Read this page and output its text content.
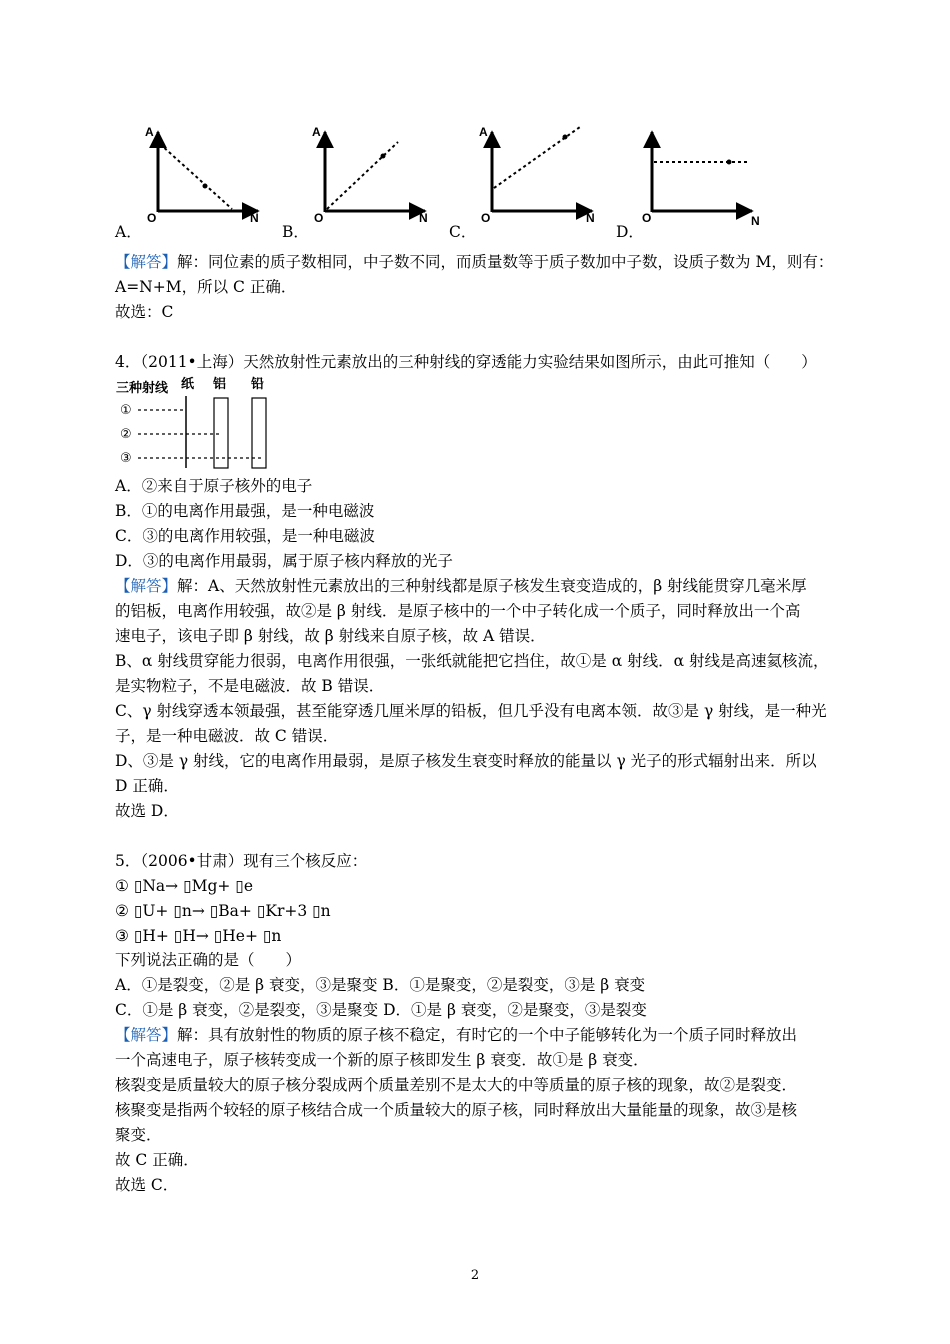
A
O	N
A
O	N
A
O	N	O	N
A．	B．	C．	D．
【解答】解：同位素的质子数相同，中子数不同，而质量数等于质子数加中子数，设质子数为 M，则有：
A=N+M，所以 C 正确．
故选：C
4．（2011•上海）天然放射性元素放出的三种射线的穿透能力实验结果如图所示，由此可推知（　　）
三种射线 纸 铝 铅
①
②
③
A．②来自于原子核外的电子
B．①的电离作用最强，是一种电磁波
C．③的电离作用较强，是一种电磁波
D．③的电离作用最弱，属于原子核内释放的光子
【解答】解：A、天然放射性元素放出的三种射线都是原子核发生衰变造成的，β 射线能贯穿几毫米厚
的铝板，电离作用较强，故②是 β 射线．是原子核中的一个中子转化成一个质子，同时释放出一个高
速电子，该电子即 β 射线，故 β 射线来自原子核，故 A 错误．
B、α 射线贯穿能力很弱，电离作用很强，一张纸就能把它挡住，故①是 α 射线．α 射线是高速氦核流，
是实物粒子，不是电磁波．故 B 错误．
C、γ 射线穿透本领最强，甚至能穿透几厘米厚的铅板，但几乎没有电离本领．故③是 γ 射线，是一种光
子，是一种电磁波．故 C 错误．
D、③是 γ 射线，它的电离作用最弱，是原子核发生衰变时释放的能量以 γ 光子的形式辐射出来．所以
D 正确．
故选 D．
5．（2006•甘肃）现有三个核反应：
① ▯Na→ ▯Mg+ ▯e
② ▯U+ ▯n→ ▯Ba+ ▯Kr+3 ▯n
③ ▯H+ ▯H→ ▯He+ ▯n
下列说法正确的是（　　）
A．①是裂变，②是 β 衰变，③是聚变 B．①是聚变，②是裂变，③是 β 衰变
C．①是 β 衰变，②是裂变，③是聚变 D．①是 β 衰变，②是聚变，③是裂变
【解答】解：具有放射性的物质的原子核不稳定，有时它的一个中子能够转化为一个质子同时释放出
一个高速电子，原子核转变成一个新的原子核即发生 β 衰变．故①是 β 衰变．
核裂变是质量较大的原子核分裂成两个质量差别不是太大的中等质量的原子核的现象，故②是裂变．
核聚变是指两个较轻的原子核结合成一个质量较大的原子核，同时释放出大量能量的现象，故③是核
聚变．
故 C 正确．
故选 C．
2
